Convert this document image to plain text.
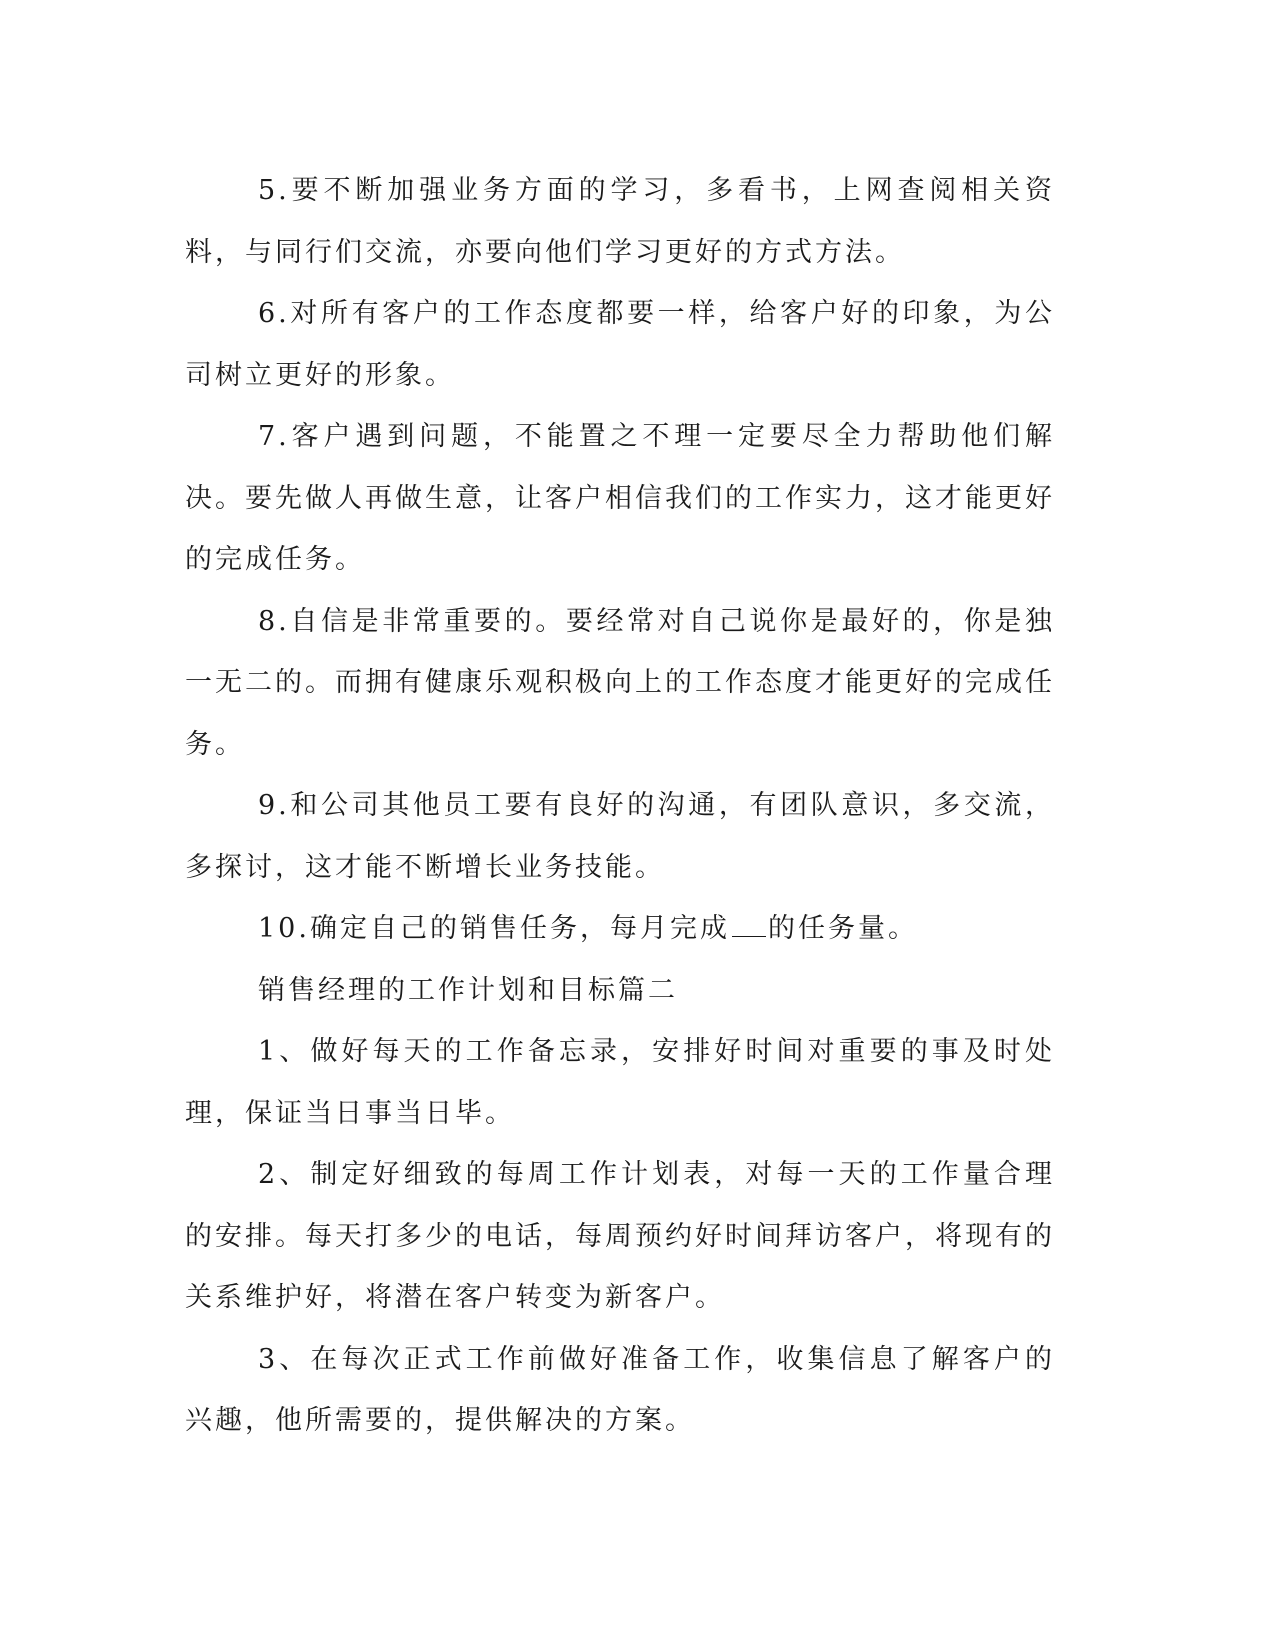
5.要不断加强业务方面的学习，多看书，上网查阅相关资料，与同行们交流，亦要向他们学习更好的方式方法。

6.对所有客户的工作态度都要一样，给客户好的印象，为公司树立更好的形象。

7.客户遇到问题，不能置之不理一定要尽全力帮助他们解决。要先做人再做生意，让客户相信我们的工作实力，这才能更好的完成任务。

8.自信是非常重要的。要经常对自己说你是最好的，你是独一无二的。而拥有健康乐观积极向上的工作态度才能更好的完成任务。

9.和公司其他员工要有良好的沟通，有团队意识，多交流，多探讨，这才能不断增长业务技能。

10.确定自己的销售任务，每月完成 的任务量。

销售经理的工作计划和目标篇二

1、做好每天的工作备忘录，安排好时间对重要的事及时处理，保证当日事当日毕。

2、制定好细致的每周工作计划表，对每一天的工作量合理的安排。每天打多少的电话，每周预约好时间拜访客户，将现有的关系维护好，将潜在客户转变为新客户。

3、在每次正式工作前做好准备工作，收集信息了解客户的兴趣，他所需要的，提供解决的方案。
